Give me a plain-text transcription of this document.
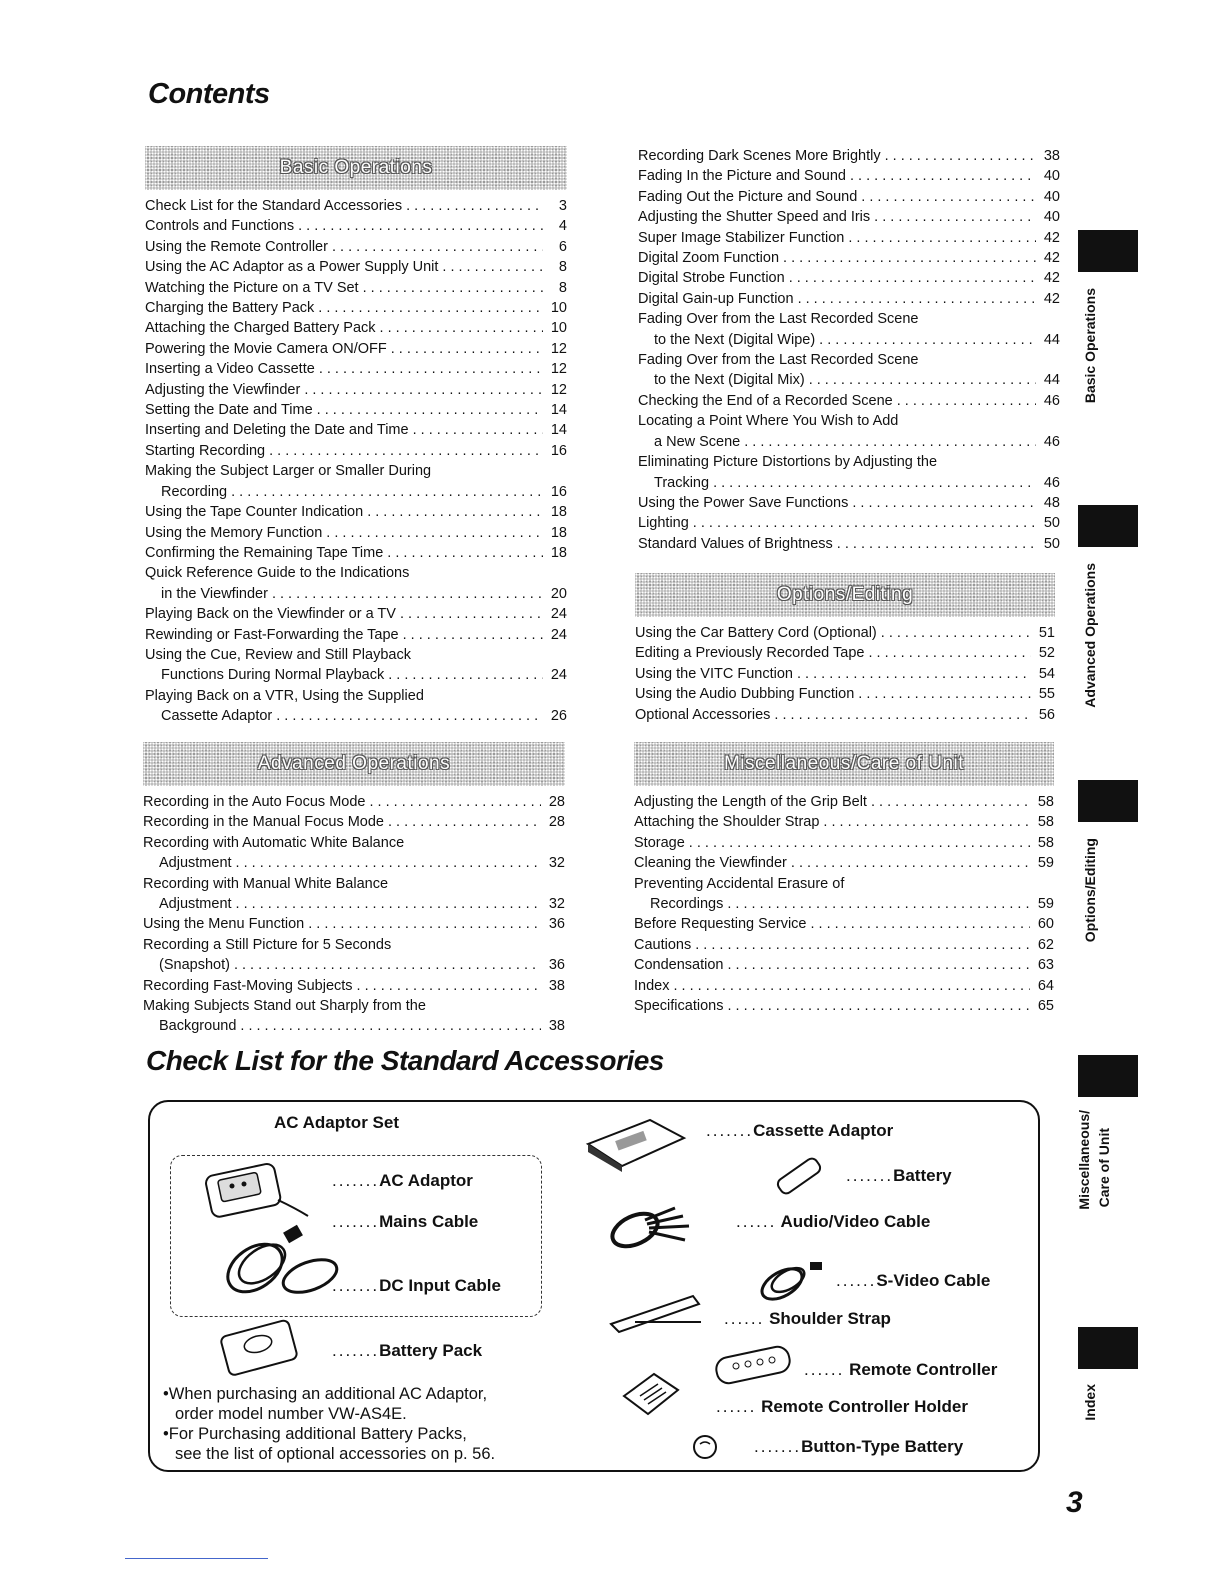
Contents
Basic Operations
Check List for the Standard Accessories . . .	3
Controls and Functions . . .	4
Using the Remote Controller . . .	6
Using the AC Adaptor as a Power Supply Unit . . .	8
Watching the Picture on a TV Set . . .	8
Charging the Battery Pack . . .	10
Attaching the Charged Battery Pack . . .	10
Powering the Movie Camera ON/OFF . . .	12
Inserting a Video Cassette . . .	12
Adjusting the Viewfinder . . .	12
Setting the Date and Time . . .	14
Inserting and Deleting the Date and Time . . .	14
Starting Recording . . .	16
Making the Subject Larger or Smaller During
Recording . . .	16
Using the Tape Counter Indication . . .	18
Using the Memory Function . . .	18
Confirming the Remaining Tape Time . . .	18
Quick Reference Guide to the Indications
in the Viewfinder . . .	20
Playing Back on the Viewfinder or a TV . . .	24
Rewinding or Fast-Forwarding the Tape . . .	24
Using the Cue, Review and Still Playback
Functions During Normal Playback . . .	24
Playing Back on a VTR, Using the Supplied
Cassette Adaptor . . .	26
Advanced Operations
Recording in the Auto Focus Mode . . .	28
Recording in the Manual Focus Mode . . .	28
Recording with Automatic White Balance
Adjustment . . .	32
Recording with Manual White Balance
Adjustment . . .	32
Using the Menu Function . . .	36
Recording a Still Picture for 5 Seconds
(Snapshot) . . .	36
Recording Fast-Moving Subjects . . .	38
Making Subjects Stand out Sharply from the
Background . . .	38
Recording Dark Scenes More Brightly . . .	38
Fading In the Picture and Sound . . .	40
Fading Out the Picture and Sound . . .	40
Adjusting the Shutter Speed and Iris . . .	40
Super Image Stabilizer Function . . .	42
Digital Zoom Function . . .	42
Digital Strobe Function . . .	42
Digital Gain-up Function . . .	42
Fading Over from the Last Recorded Scene
to the Next (Digital Wipe) . . .	44
Fading Over from the Last Recorded Scene
to the Next (Digital Mix) . . .	44
Checking the End of a Recorded Scene . . .	46
Locating a Point Where You Wish to Add
a New Scene . . .	46
Eliminating Picture Distortions by Adjusting the
Tracking . . .	46
Using the Power Save Functions . . .	48
Lighting . . .	50
Standard Values of Brightness . . .	50
Options/Editing
Using the Car Battery Cord (Optional) . . .	51
Editing a Previously Recorded Tape . . .	52
Using the VITC Function . . .	54
Using the Audio Dubbing Function . . .	55
Optional Accessories . . .	56
Miscellaneous/Care of Unit
Adjusting the Length of the Grip Belt . . .	58
Attaching the Shoulder Strap . . .	58
Storage . . .	58
Cleaning the Viewfinder . . .	59
Preventing Accidental Erasure of
Recordings . . .	59
Before Requesting Service . . .	60
Cautions . . .	62
Condensation . . .	63
Index . . .	64
Specifications . . .	65
Check List for the Standard Accessories
AC Adaptor Set
.......AC Adaptor
.......Mains Cable
.......DC Input Cable
.......Battery Pack
•When purchasing an additional AC Adaptor,
order model number VW-AS4E.
•For Purchasing additional Battery Packs,
see the list of optional accessories on p. 56.
.......Cassette Adaptor
.......Battery
...... Audio/Video Cable
......S-Video Cable
...... Shoulder Strap
...... Remote Controller
...... Remote Controller Holder
.......Button-Type Battery
Basic Operations
Advanced Operations
Options/Editing
Miscellaneous/ Care of Unit
Index
3
